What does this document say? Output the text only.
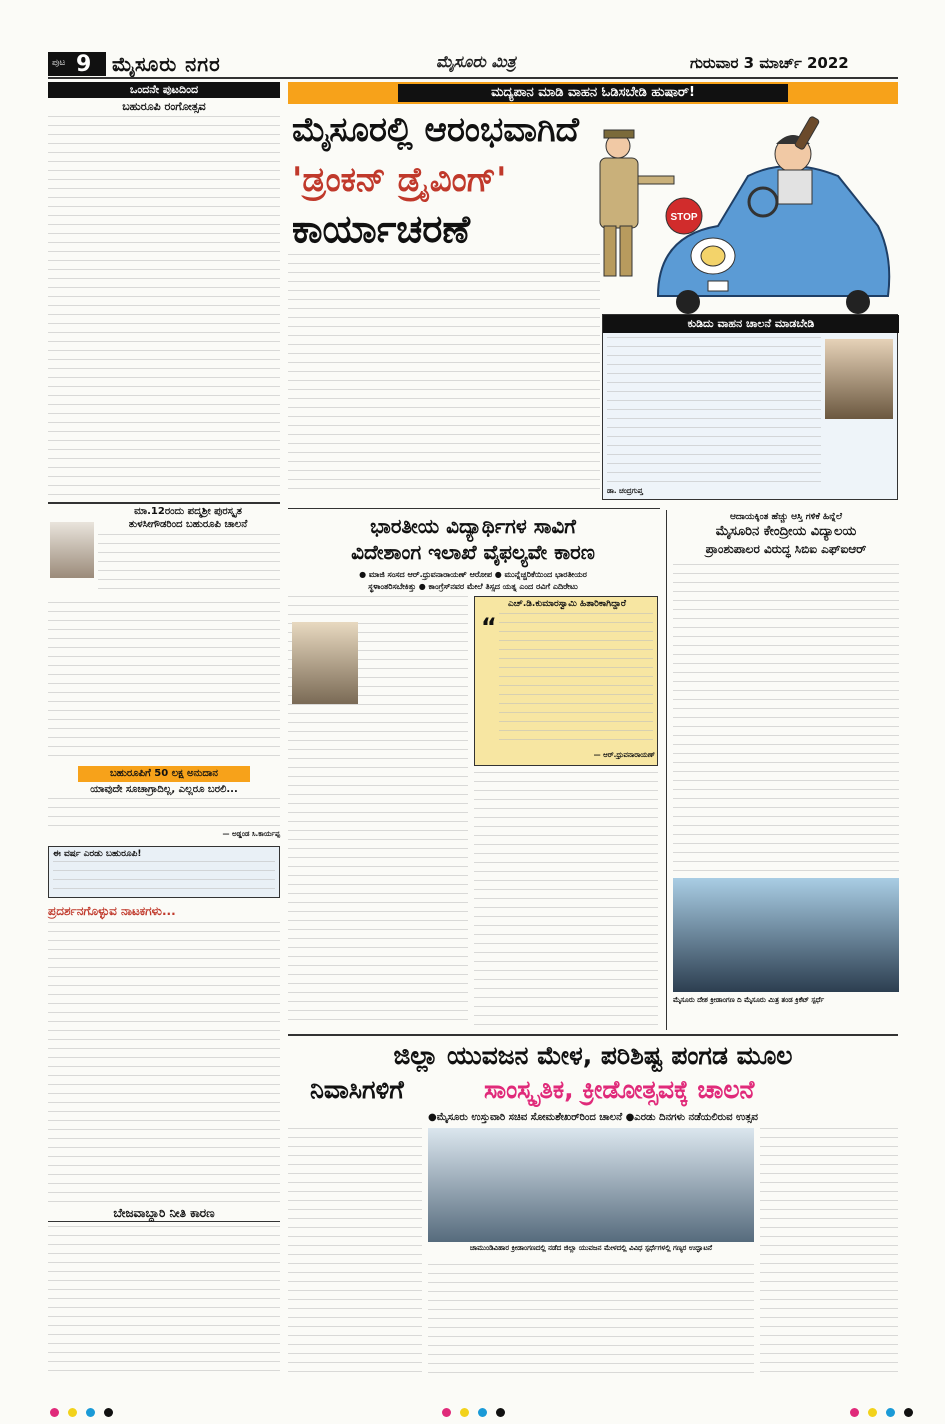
ಪುಟ 9 ಮೈಸೂರು ನಗರ	ಮೈಸೂರು ಮಿತ್ರ	ಗುರುವಾರ 3 ಮಾರ್ಚ್ 2022
ಒಂದನೇ ಪುಟದಿಂದ
ಬಹುರೂಪಿ ರಂಗೋತ್ಸವ
ಮಾ.12ರಂದು ಪದ್ಮಶ್ರೀ ಪುರಸ್ಕೃತ
ತುಳಸೀಗೌಡರಿಂದ ಬಹುರೂಪಿ ಚಾಲನೆ
ಬಹುರೂಪಿಗೆ 50 ಲಕ್ಷ ಅನುದಾನ
ಯಾವುದೇ ಸೂಚಾಗ್ರಾದಿಲ್ಲ, ಎಲ್ಲರೂ ಬರಲಿ...
— ಅಡ್ಡಂಡ ಸಿ.ಕಾರ್ಯಪ್ಪ
ಈ ವರ್ಷ ಎರಡು ಬಹುರೂಪಿ!
ಪ್ರದರ್ಶನಗೊಳ್ಳುವ ನಾಟಕಗಳು...
ಬೇಜವಾಬ್ದಾರಿ ನೀತಿ ಕಾರಣ
ಮದ್ಯಪಾನ ಮಾಡಿ ವಾಹನ ಓಡಿಸಬೇಡಿ ಹುಷಾರ್!
ಮೈಸೂರಲ್ಲಿ ಆರಂಭವಾಗಿದೆ
'ಡ್ರಂಕನ್ ಡ್ರೈವಿಂಗ್'
ಕಾರ್ಯಾಚರಣೆ	STOP
ಕುಡಿದು ವಾಹನ ಚಾಲನೆ ಮಾಡಬೇಡಿ
ಡಾ. ಚಂದ್ರಗುಪ್ತ
ಭಾರತೀಯ ವಿದ್ಯಾರ್ಥಿಗಳ ಸಾವಿಗೆ
ವಿದೇಶಾಂಗ ಇಲಾಖೆ ವೈಫಲ್ಯವೇ ಕಾರಣ
● ಮಾಜಿ ಸಂಸದ ಆರ್.ಧ್ರುವನಾರಾಯಣ್ ಆರೋಪ ● ಮುನ್ನೆಚ್ಚರಿಕೆಯಿಂದ ಭಾರತೀಯರ
ಸ್ಥಳಾಂತರಿಸಬೇಕಿತ್ತು ● ಕಾಂಗ್ರೆಸ್‌ನವರ ಮೇಲೆ ತಿಸ್ಸದ ಯತ್ನ ಎಂದ ರವಿಗೆ ಎದಿರೇಟು
ಎಚ್.ಡಿ.ಕುಮಾರಸ್ವಾಮಿ ಹಿತಾರಿಕಾಗಿದ್ದಾರೆ
“
— ಆರ್.ಧ್ರುವನಾರಾಯಣ್
ಆದಾಯಕ್ಕಿಂತ ಹೆಚ್ಚು ಆಸ್ತಿ ಗಳಿಕೆ ಹಿನ್ನೆಲೆ
ಮೈಸೂರಿನ ಕೇಂದ್ರೀಯ ವಿದ್ಯಾಲಯ
ಪ್ರಾಂಶುಪಾಲರ ವಿರುದ್ಧ ಸಿಬಿಐ ಎಫ್‌ಐಆರ್
ಮೈಸೂರು ದೇಶ ಕ್ರೀಡಾಂಗಣ ದಿ ಮೈಸೂರು ಮಿತ್ರ ತಂಡ ಕ್ರಿಕೆಟ್ ಸ್ಪರ್ಧೆ
ಜಿಲ್ಲಾ ಯುವಜನ ಮೇಳ, ಪರಿಶಿಷ್ಟ ಪಂಗಡ ಮೂಲ
ನಿವಾಸಿಗಳಿಗೆ	ಸಾಂಸ್ಕೃತಿಕ, ಕ್ರೀಡೋತ್ಸವಕ್ಕೆ ಚಾಲನೆ
●ಮೈಸೂರು ಉಸ್ತುವಾರಿ ಸಚಿವ ಸೋಮಶೇಖರ್‌ರಿಂದ ಚಾಲನೆ ●ಎರಡು ದಿನಗಳು ನಡೆಯಲಿರುವ ಉತ್ಸವ
ಚಾಮುಂಡಿವಿಹಾರ ಕ್ರೀಡಾಂಗಣದಲ್ಲಿ ನಡೆದ ಜಿಲ್ಲಾ ಯುವಜನ ಮೇಳದಲ್ಲಿ ವಿವಿಧ ಸ್ಪರ್ಧೆಗಳಲ್ಲಿ ಗಣ್ಯರ ಉದ್ಘಾಟನೆ
